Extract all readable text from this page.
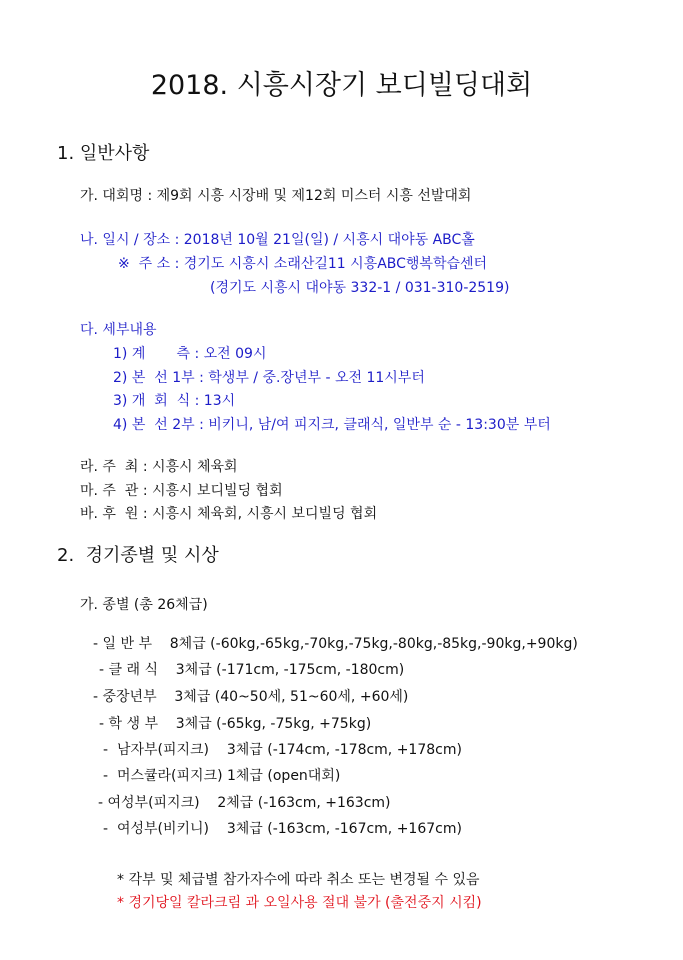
2018. 시흥시장기 보디빌딩대회
1. 일반사항
가. 대회명 : 제9회 시흥 시장배 및 제12회 미스터 시흥 선발대회
나. 일시 / 장소 : 2018년 10월 21일(일) / 시흥시 대야동 ABC홀
※  주 소 : 경기도 시흥시 소래산길11 시흥ABC행복학습센터
(경기도 시흥시 대야동 332-1 / 031-310-2519)
다. 세부내용
1) 계       측 : 오전 09시
2) 본  선 1부 : 학생부 / 중.장년부 - 오전 11시부터
3) 개  회  식 : 13시
4) 본  선 2부 : 비키니, 남/여 피지크, 클래식, 일반부 순 - 13:30분 부터
라. 주  최 : 시흥시 체육회
마. 주  관 : 시흥시 보디빌딩 협회
바. 후  원 : 시흥시 체육회, 시흥시 보디빌딩 협회
2.  경기종별 및 시상
가. 종별 (총 26체급)
- 일 반 부    8체급 (-60kg,-65kg,-70kg,-75kg,-80kg,-85kg,-90kg,+90kg)
- 클 래 식    3체급 (-171cm, -175cm, -180cm)
- 중장년부    3체급 (40~50세, 51~60세, +60세)
- 학 생 부    3체급 (-65kg, -75kg, +75kg)
-  남자부(피지크)    3체급 (-174cm, -178cm, +178cm)
-  머스큘라(피지크) 1체급 (open대회)
- 여성부(피지크)    2체급 (-163cm, +163cm)
-  여성부(비키니)    3체급 (-163cm, -167cm, +167cm)
* 각부 및 체급별 참가자수에 따라 취소 또는 변경될 수 있음
* 경기당일 칼라크림 과 오일사용 절대 불가 (출전중지 시킴)
